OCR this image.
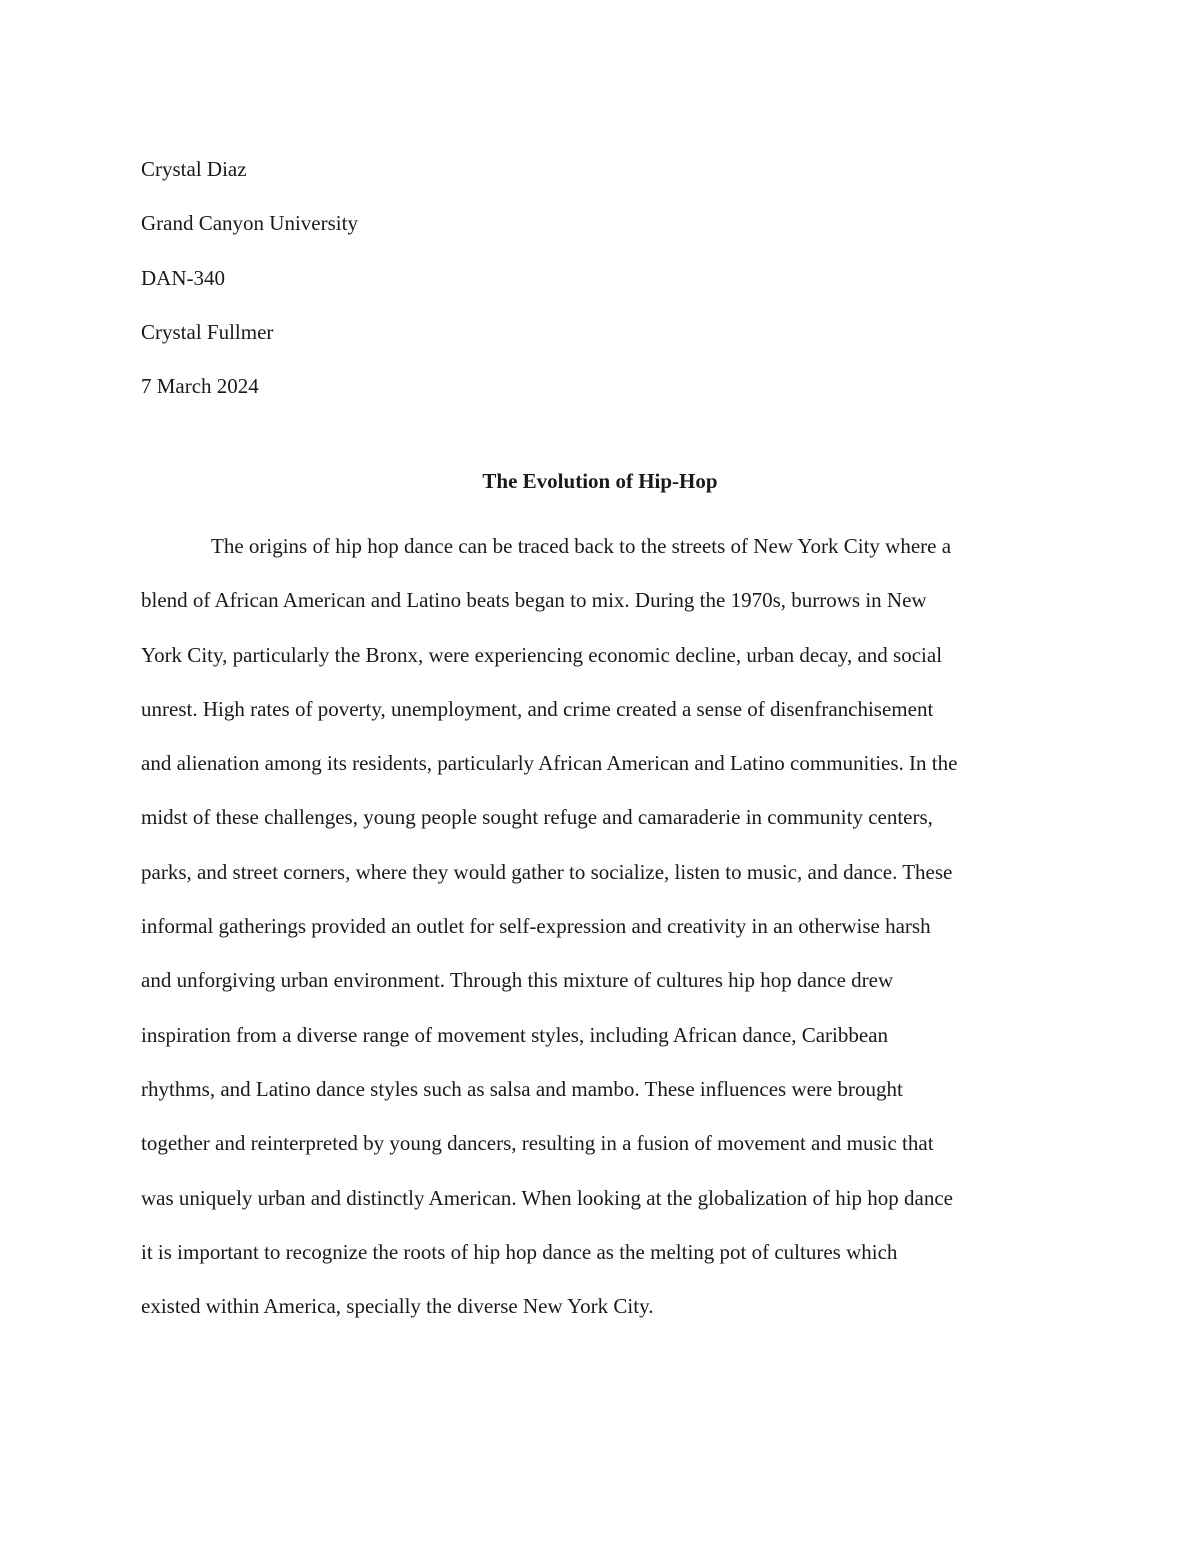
Crystal Diaz
Grand Canyon University
DAN-340
Crystal Fullmer
7 March 2024
The Evolution of Hip-Hop
The origins of hip hop dance can be traced back to the streets of New York City where a
blend of African American and Latino beats began to mix. During the 1970s, burrows in New
York City, particularly the Bronx, were experiencing economic decline, urban decay, and social
unrest. High rates of poverty, unemployment, and crime created a sense of disenfranchisement
and alienation among its residents, particularly African American and Latino communities. In the
midst of these challenges, young people sought refuge and camaraderie in community centers,
parks, and street corners, where they would gather to socialize, listen to music, and dance. These
informal gatherings provided an outlet for self-expression and creativity in an otherwise harsh
and unforgiving urban environment. Through this mixture of cultures hip hop dance drew
inspiration from a diverse range of movement styles, including African dance, Caribbean
rhythms, and Latino dance styles such as salsa and mambo. These influences were brought
together and reinterpreted by young dancers, resulting in a fusion of movement and music that
was uniquely urban and distinctly American. When looking at the globalization of hip hop dance
it is important to recognize the roots of hip hop dance as the melting pot of cultures which
existed within America, specially the diverse New York City.
